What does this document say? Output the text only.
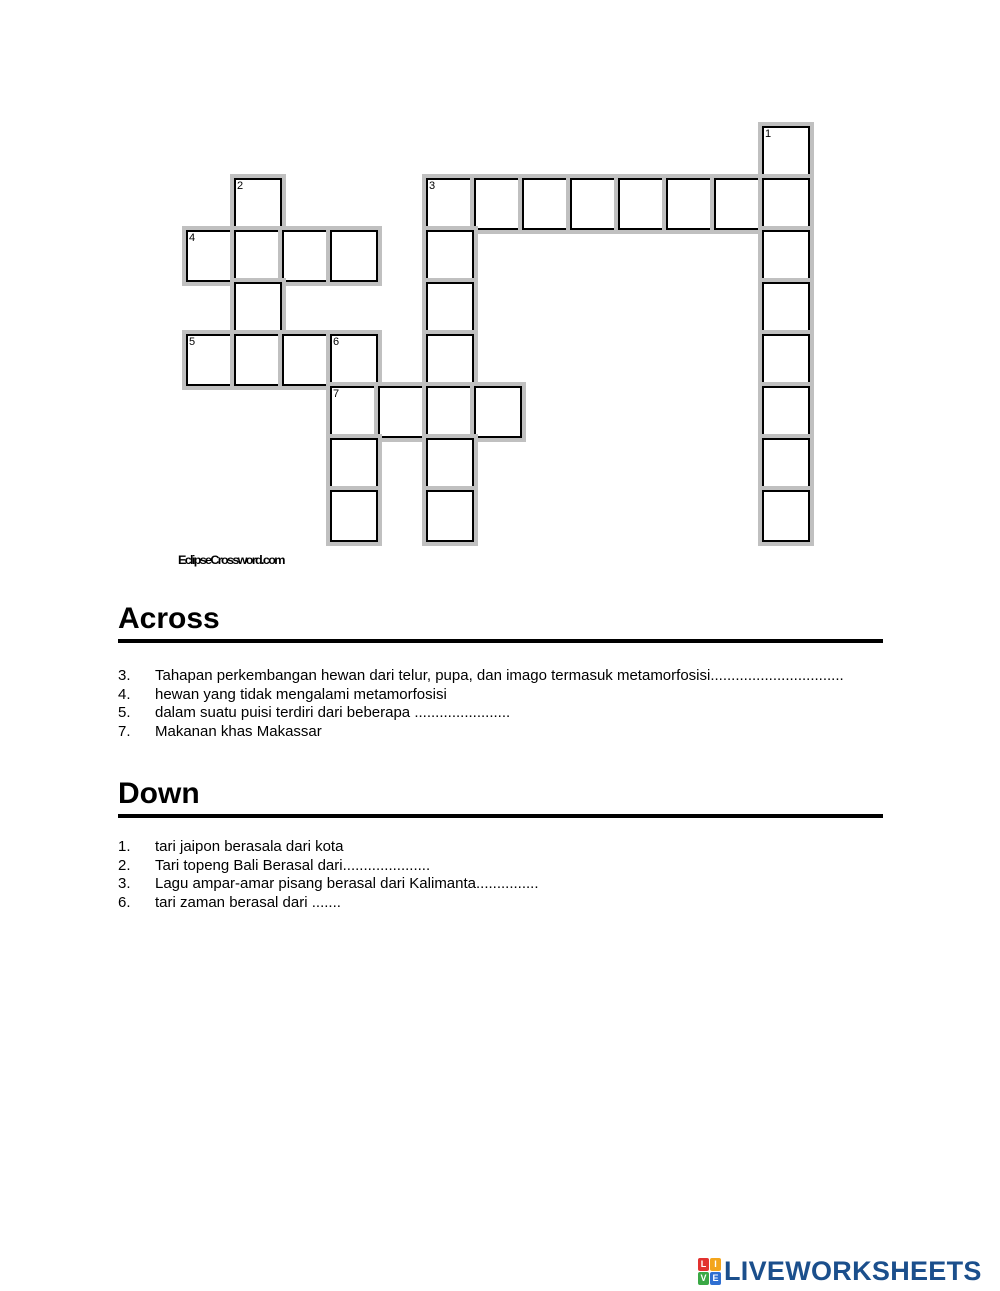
1
2	3
4
5	6
7
EclipseCrossword.com
Across
3.	Tahapan perkembangan hewan dari telur, pupa, dan imago termasuk metamorfosisi................................
4.	hewan yang tidak mengalami metamorfosisi
5.	dalam suatu puisi terdiri dari beberapa .......................
7.	Makanan khas Makassar
Down
1.	tari jaipon berasala dari kota
2.	Tari topeng Bali Berasal dari.....................
3.	Lagu ampar-amar pisang berasal dari Kalimanta...............
6.	tari zaman berasal dari .......
L I
V E LIVEWORKSHEETS
